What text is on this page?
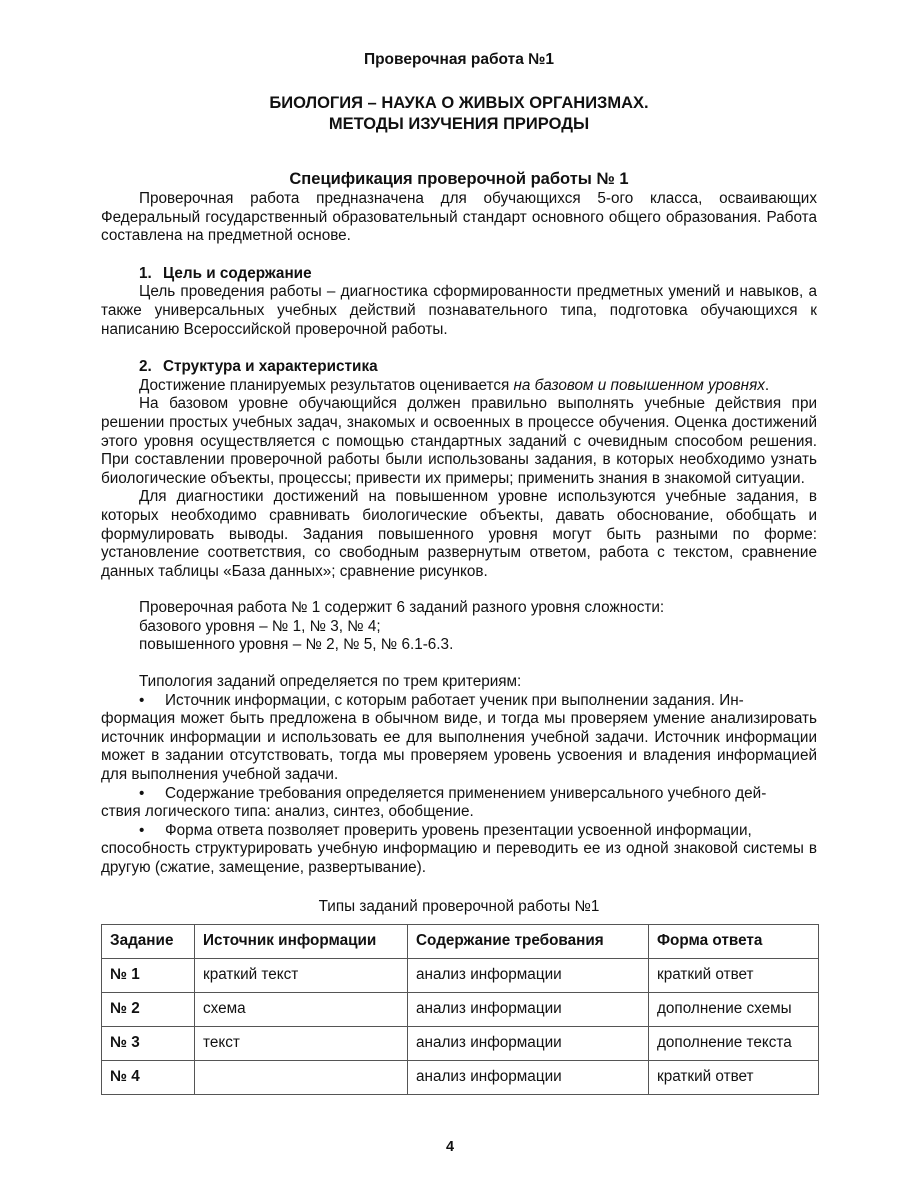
Проверочная работа №1
БИОЛОГИЯ – НАУКА О ЖИВЫХ ОРГАНИЗМАХ.
МЕТОДЫ ИЗУЧЕНИЯ ПРИРОДЫ
Спецификация проверочной работы № 1

Проверочная работа предназначена для обучающихся 5-ого класса, осваивающих Федеральный государственный образовательный стандарт основного общего образования. Работа составлена на предметной основе.

1. Цель и содержание

Цель проведения работы – диагностика сформированности предметных умений и навыков, а также универсальных учебных действий познавательного типа, подготовка обучающихся к написанию Всероссийской проверочной работы.

2. Структура и характеристика

Достижение планируемых результатов оценивается на базовом и повышенном уровнях.

На базовом уровне обучающийся должен правильно выполнять учебные действия при решении простых учебных задач, знакомых и освоенных в процессе обучения. Оценка достижений этого уровня осуществляется с помощью стандартных заданий с очевидным способом решения. При составлении проверочной работы были использованы задания, в которых необходимо узнать биологические объекты, процессы; привести их примеры; применить знания в знакомой ситуации.

Для диагностики достижений на повышенном уровне используются учебные задания, в которых необходимо сравнивать биологические объекты, давать обоснование, обобщать и формулировать выводы. Задания повышенного уровня могут быть разными по форме: установление соответствия, со свободным развернутым ответом, работа с текстом, сравнение данных таблицы «База данных»; сравнение рисунков.

Проверочная работа № 1 содержит 6 заданий разного уровня сложности:

базового уровня – № 1, № 3, № 4;

повышенного уровня – № 2, № 5, № 6.1-6.3.

Типология заданий определяется по трем критериям:

•	Источник информации, с которым работает ученик при выполнении задания. Ин-

формация может быть предложена в обычном виде, и тогда мы проверяем умение анализировать источник информации и использовать ее для выполнения учебной задачи. Источник информации может в задании отсутствовать, тогда мы проверяем уровень усвоения и владения информацией для выполнения учебной задачи.

•	Содержание требования определяется применением универсального учебного дей-

ствия логического типа: анализ, синтез, обобщение.

•	Форма ответа позволяет проверить уровень презентации усвоенной информации,

способность структурировать учебную информацию и переводить ее из одной знаковой системы в другую (сжатие, замещение, развертывание).

Типы заданий проверочной работы №1
Задание	Источник информации	Содержание требования	Форма ответа
№ 1	краткий текст	анализ информации	краткий ответ
№ 2	схема	анализ информации	дополнение схемы
№ 3	текст	анализ информации	дополнение текста
№ 4		анализ информации	краткий ответ
4
